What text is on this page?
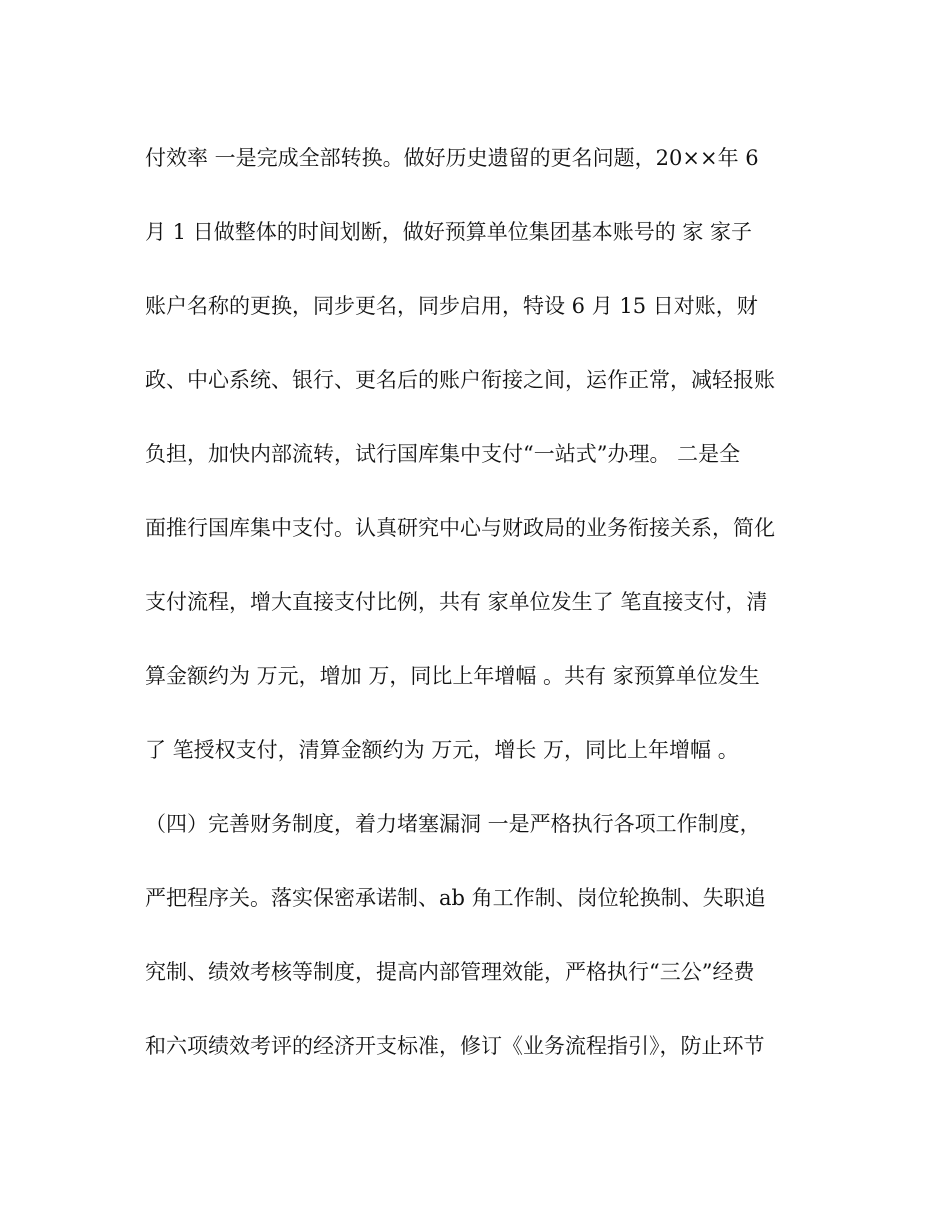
付效率 一是完成全部转换。做好历史遗留的更名问题，20××年 6
月 1 日做整体的时间划断，做好预算单位集团基本账号的 家 家子
账户名称的更换，同步更名，同步启用，特设 6 月 15 日对账，财
政、中心系统、银行、更名后的账户衔接之间，运作正常，减轻报账
负担，加快内部流转，试行国库集中支付“一站式”办理。 二是全
面推行国库集中支付。认真研究中心与财政局的业务衔接关系，简化
支付流程，增大直接支付比例，共有 家单位发生了 笔直接支付，清
算金额约为 万元，增加 万，同比上年增幅 。共有 家预算单位发生
了 笔授权支付，清算金额约为 万元，增长 万，同比上年增幅 。
（四）完善财务制度，着力堵塞漏洞 一是严格执行各项工作制度，
严把程序关。落实保密承诺制、ab 角工作制、岗位轮换制、失职追
究制、绩效考核等制度，提高内部管理效能，严格执行“三公”经费
和六项绩效考评的经济开支标准，修订《业务流程指引》，防止环节
